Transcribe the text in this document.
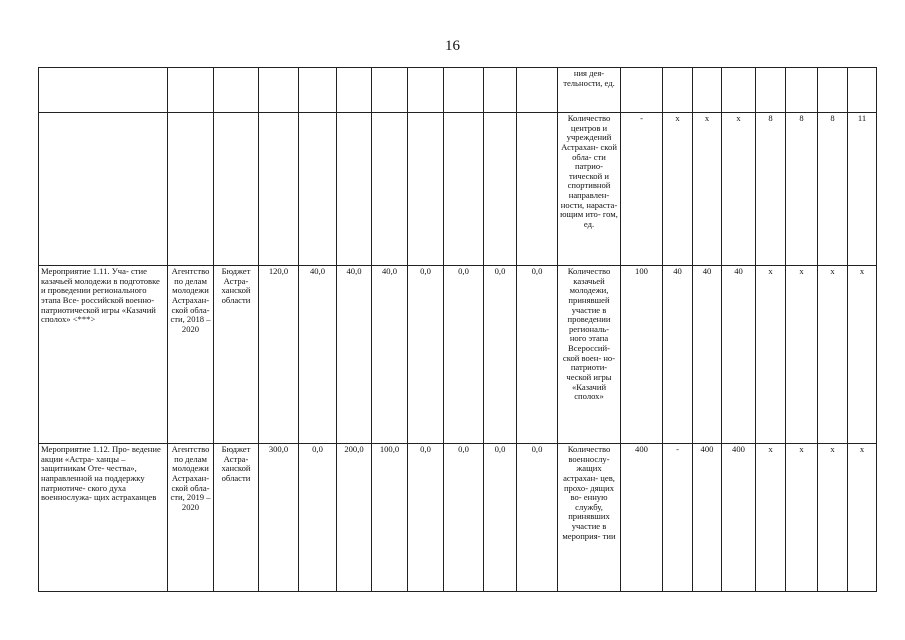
16
											ния дея- тельности, ед.								
											Количество центров и учреждений Астрахан- ской обла- сти патрио- тической и спортивной направлен- ности, нараста- ющим ито- гом, ед.	-	х	х	х	8	8	8	11
Мероприятие 1.11. Уча- стие казачьей молодежи в подготовке и проведении регионального этапа Все- российской военно- патриотической игры «Казачий сполох» <***>	Агентство по делам молодежи Астрахан- ской обла- сти, 2018 – 2020	Бюджет Астра- ханской области	120,0	40,0	40,0	40,0	0,0	0,0	0,0	0,0	Количество казачьей молодежи, принявшей участие в проведении региональ- ного этапа Всероссий- ской воен- но- патриоти- ческой игры «Казачий сполох»	100	40	40	40	х	х	х	х
Мероприятие 1.12. Про- ведение акции «Астра- ханцы – защитникам Оте- чества», направленной на поддержку патриотиче- ского духа военнослужа- щих астраханцев	Агентство по делам молодежи Астрахан- ской обла- сти, 2019 – 2020	Бюджет Астра- ханской области	300,0	0,0	200,0	100,0	0,0	0,0	0,0	0,0	Количество военнослу- жащих астрахан- цев, прохо- дящих во- енную службу, принявших участие в мероприя- тии	400	-	400	400	х	х	х	х
